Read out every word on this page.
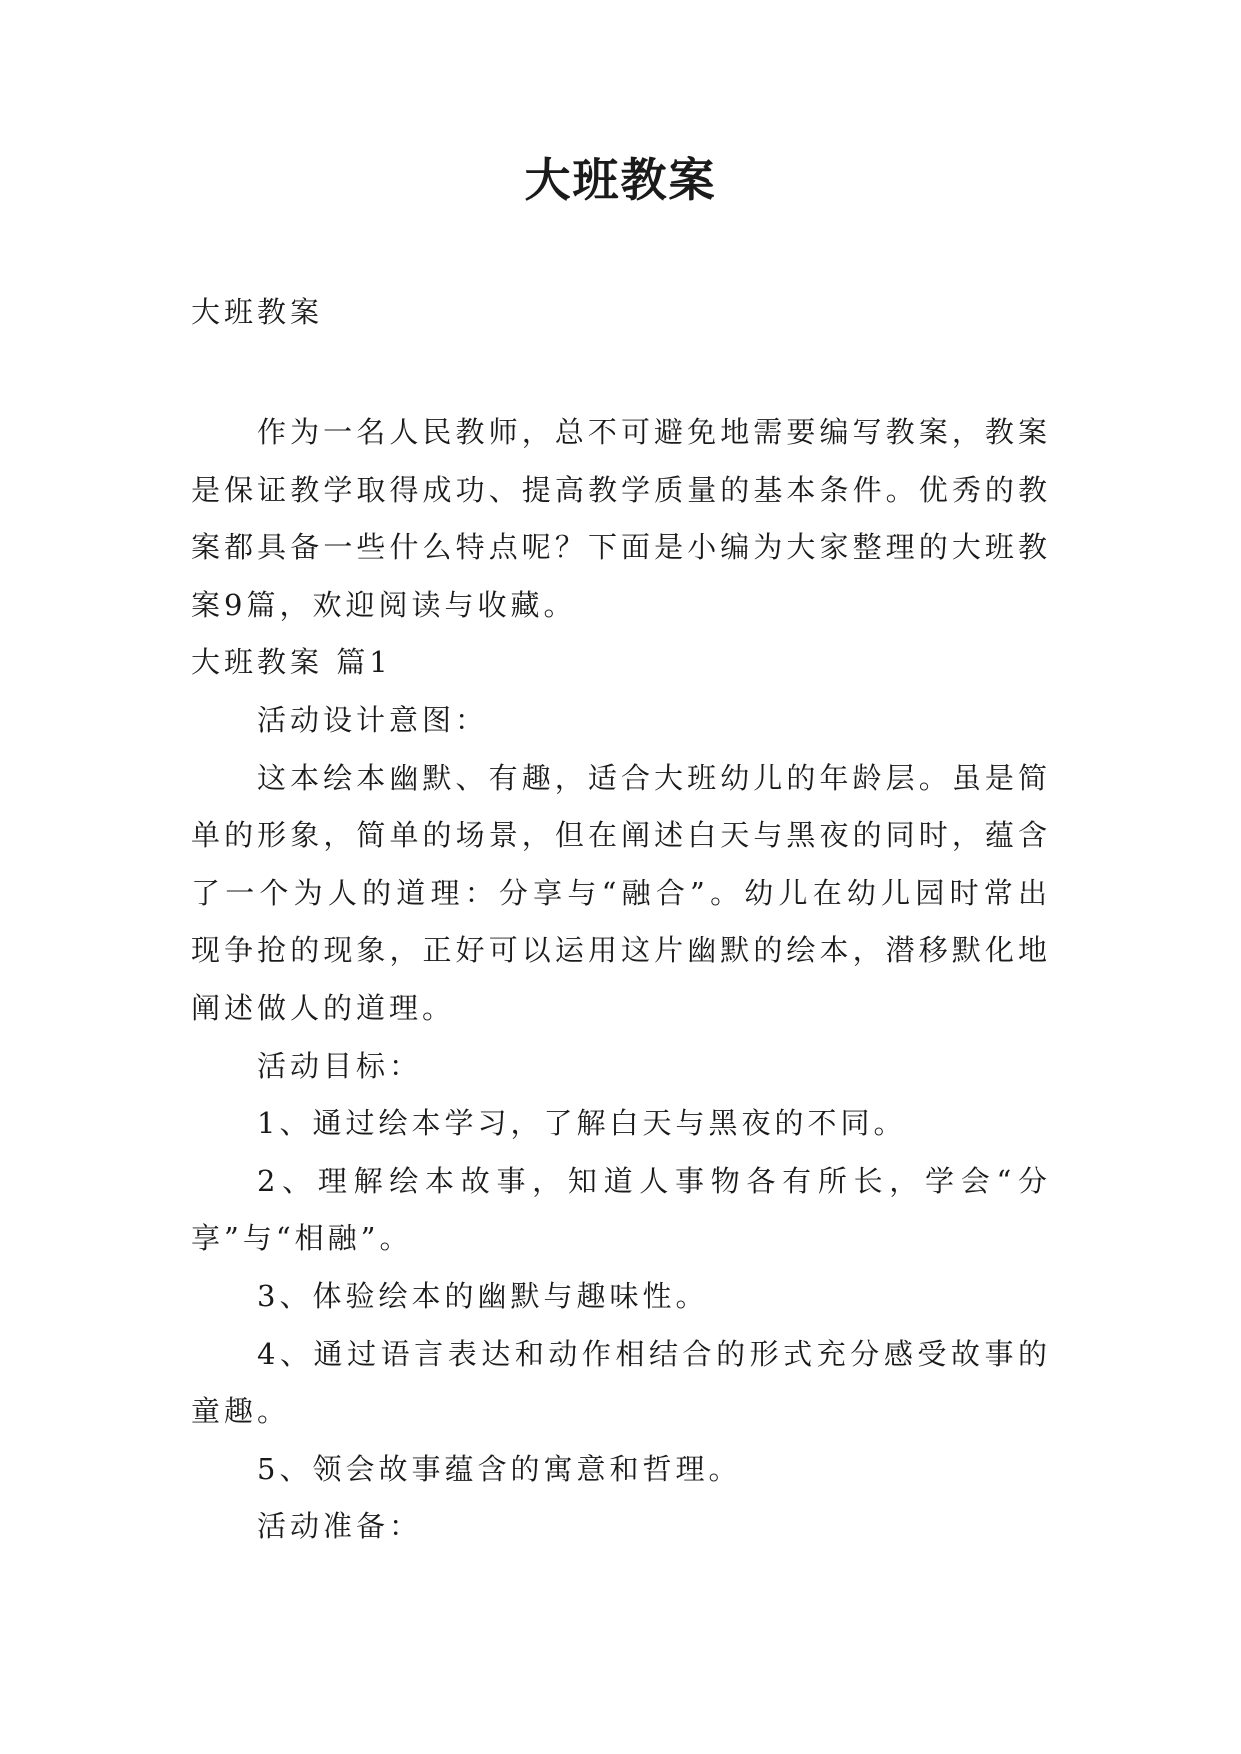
大班教案
大班教案

作为一名人民教师，总不可避免地需要编写教案，教案是保证教学取得成功、提高教学质量的基本条件。优秀的教案都具备一些什么特点呢？下面是小编为大家整理的大班教案9篇，欢迎阅读与收藏。

大班教案 篇1

活动设计意图：

这本绘本幽默、有趣，适合大班幼儿的年龄层。虽是简单的形象，简单的场景，但在阐述白天与黑夜的同时，蕴含了一个为人的道理：分享与“融合”。幼儿在幼儿园时常出现争抢的现象，正好可以运用这片幽默的绘本，潜移默化地阐述做人的道理。

活动目标：

1、通过绘本学习，了解白天与黑夜的不同。

2、理解绘本故事，知道人事物各有所长，学会“分享”与“相融”。

3、体验绘本的幽默与趣味性。

4、通过语言表达和动作相结合的形式充分感受故事的童趣。

5、领会故事蕴含的寓意和哲理。

活动准备：
